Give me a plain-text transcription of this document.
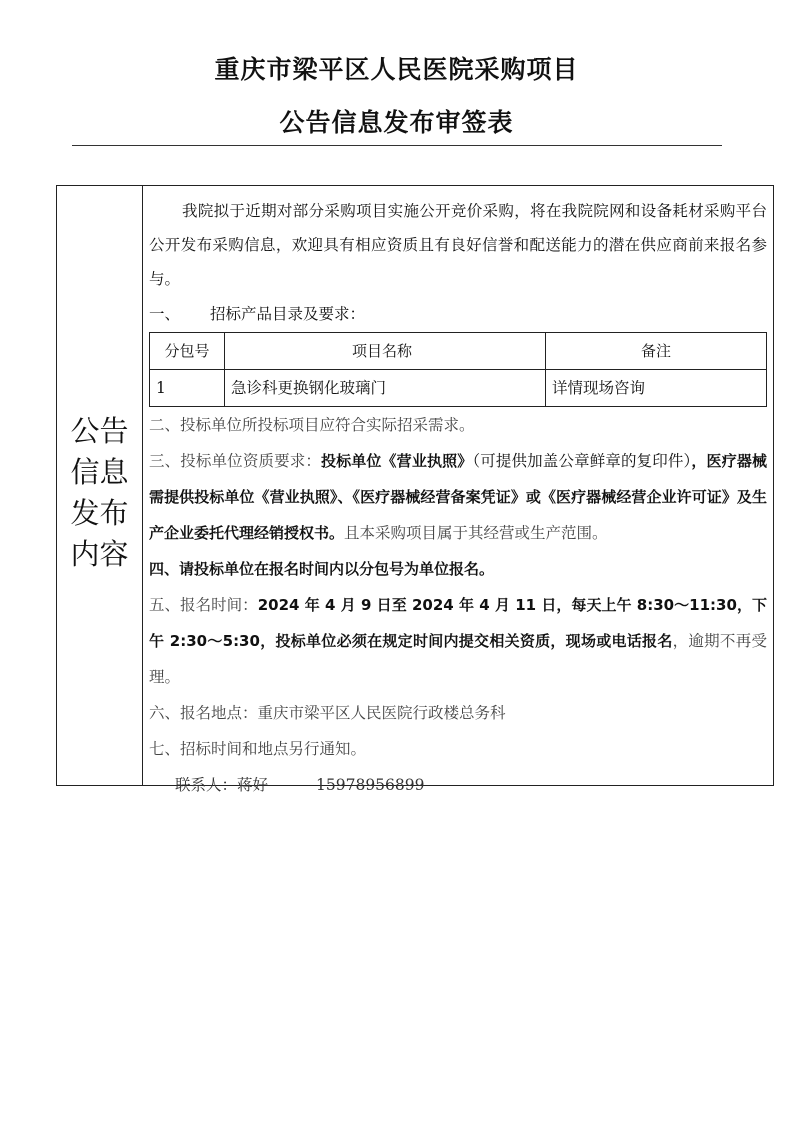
重庆市梁平区人民医院采购项目
公告信息发布审签表
公告
信息
发布
内容

我院拟于近期对部分采购项目实施公开竞价采购，将在我院院网和设备耗材采购平台公开发布采购信息，欢迎具有相应资质且有良好信誉和配送能力的潜在供应商前来报名参与。

一、 招标产品目录及要求：

分包号	项目名称	备注
1	急诊科更换钢化玻璃门	详情现场咨询

二、投标单位所投标项目应符合实际招采需求。

三、投标单位资质要求：投标单位《营业执照》（可提供加盖公章鲜章的复印件），医疗器械需提供投标单位《营业执照》、《医疗器械经营备案凭证》或《医疗器械经营企业许可证》及生产企业委托代理经销授权书。且本采购项目属于其经营或生产范围。

四、请投标单位在报名时间内以分包号为单位报名。

五、报名时间：2024 年 4 月 9 日至 2024 年 4 月 11 日，每天上午 8:30～11:30，下午 2:30～5:30，投标单位必须在规定时间内提交相关资质，现场或电话报名，逾期不再受理。

六、报名地点：重庆市梁平区人民医院行政楼总务科

七、招标时间和地点另行通知。

联系人：蒋好	15978956899
